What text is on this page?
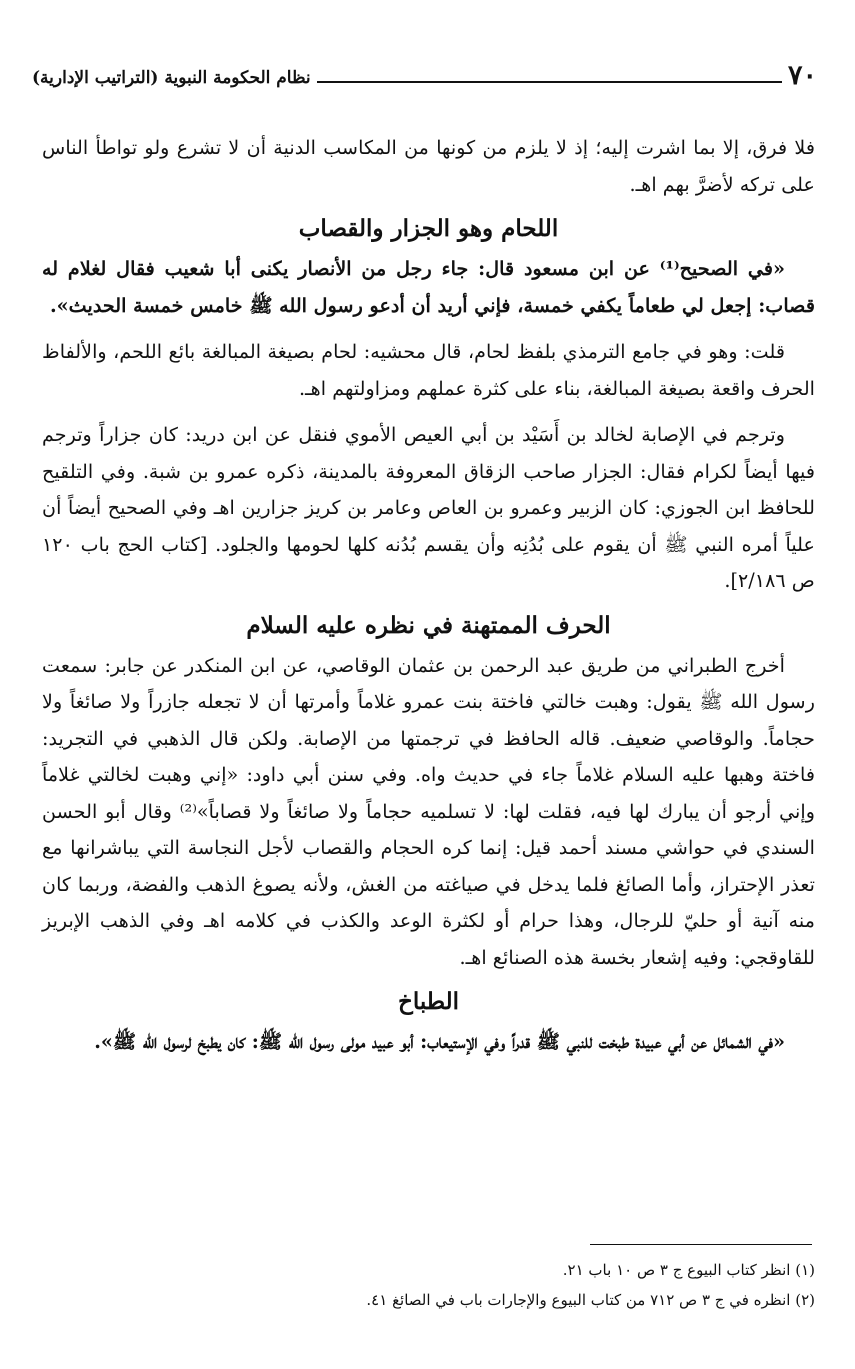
٧٠
نظام الحكومة النبوية (التراتيب الإدارية)

فلا فرق، إلا بما اشرت إليه؛ إذ لا يلزم من كونها من المكاسب الدنية أن لا تشرع ولو تواطأ الناس على تركه لأضرَّ بهم اهـ.

اللحام وهو الجزار والقصاب

«في الصحيح⁽¹⁾ عن ابن مسعود قال: جاء رجل من الأنصار يكنى أبا شعيب فقال لغلام له قصاب: إجعل لي طعاماً يكفي خمسة، فإني أريد أن أدعو رسول الله ﷺ خامس خمسة الحديث».

قلت: وهو في جامع الترمذي بلفظ لحام، قال محشيه: لحام بصيغة المبالغة بائع اللحم، والألفاظ الحرف واقعة بصيغة المبالغة، بناء على كثرة عملهم ومزاولتهم اهـ.

وترجم في الإصابة لخالد بن أَسَيْد بن أبي العيص الأموي فنقل عن ابن دريد: كان جزاراً وترجم فيها أيضاً لكرام فقال: الجزار صاحب الزقاق المعروفة بالمدينة، ذكره عمرو بن شبة. وفي التلقيح للحافظ ابن الجوزي: كان الزبير وعمرو بن العاص وعامر بن كريز جزارين اهـ وفي الصحيح أيضاً أن علياً أمره النبي ﷺ أن يقوم على بُدُنِه وأن يقسم بُدُنه كلها لحومها والجلود. [كتاب الحج باب ١٢٠ ص ٢/١٨٦].

الحرف الممتهنة في نظره عليه السلام

أخرج الطبراني من طريق عبد الرحمن بن عثمان الوقاصي، عن ابن المنكدر عن جابر: سمعت رسول الله ﷺ يقول: وهبت خالتي فاختة بنت عمرو غلاماً وأمرتها أن لا تجعله جازراً ولا صائغاً ولا حجاماً. والوقاصي ضعيف. قاله الحافظ في ترجمتها من الإصابة. ولكن قال الذهبي في التجريد: فاختة وهبها عليه السلام غلاماً جاء في حديث واه. وفي سنن أبي داود: «إني وهبت لخالتي غلاماً وإني أرجو أن يبارك لها فيه، فقلت لها: لا تسلميه حجاماً ولا صائغاً ولا قصاباً»⁽²⁾ وقال أبو الحسن السندي في حواشي مسند أحمد قيل: إنما كره الحجام والقصاب لأجل النجاسة التي يباشرانها مع تعذر الإحتراز، وأما الصائغ فلما يدخل في صياغته من الغش، ولأنه يصوغ الذهب والفضة، وربما كان منه آنية أو حليّ للرجال، وهذا حرام أو لكثرة الوعد والكذب في كلامه اهـ وفي الذهب الإبريز للقاوقجي: وفيه إشعار بخسة هذه الصنائع اهـ.

الطباخ

«في الشمائل عن أبي عبيدة طبخت للنبي ﷺ قدراً وفي الإستيعاب: أبو عبيد مولى رسول الله ﷺ: كان يطبخ لرسول الله ﷺ».

(١) انظر كتاب البيوع ج ٣ ص ١٠ باب ٢١.

(٢) انظره في ج ٣ ص ٧١٢ من كتاب البيوع والإجارات باب في الصائغ ٤١.
